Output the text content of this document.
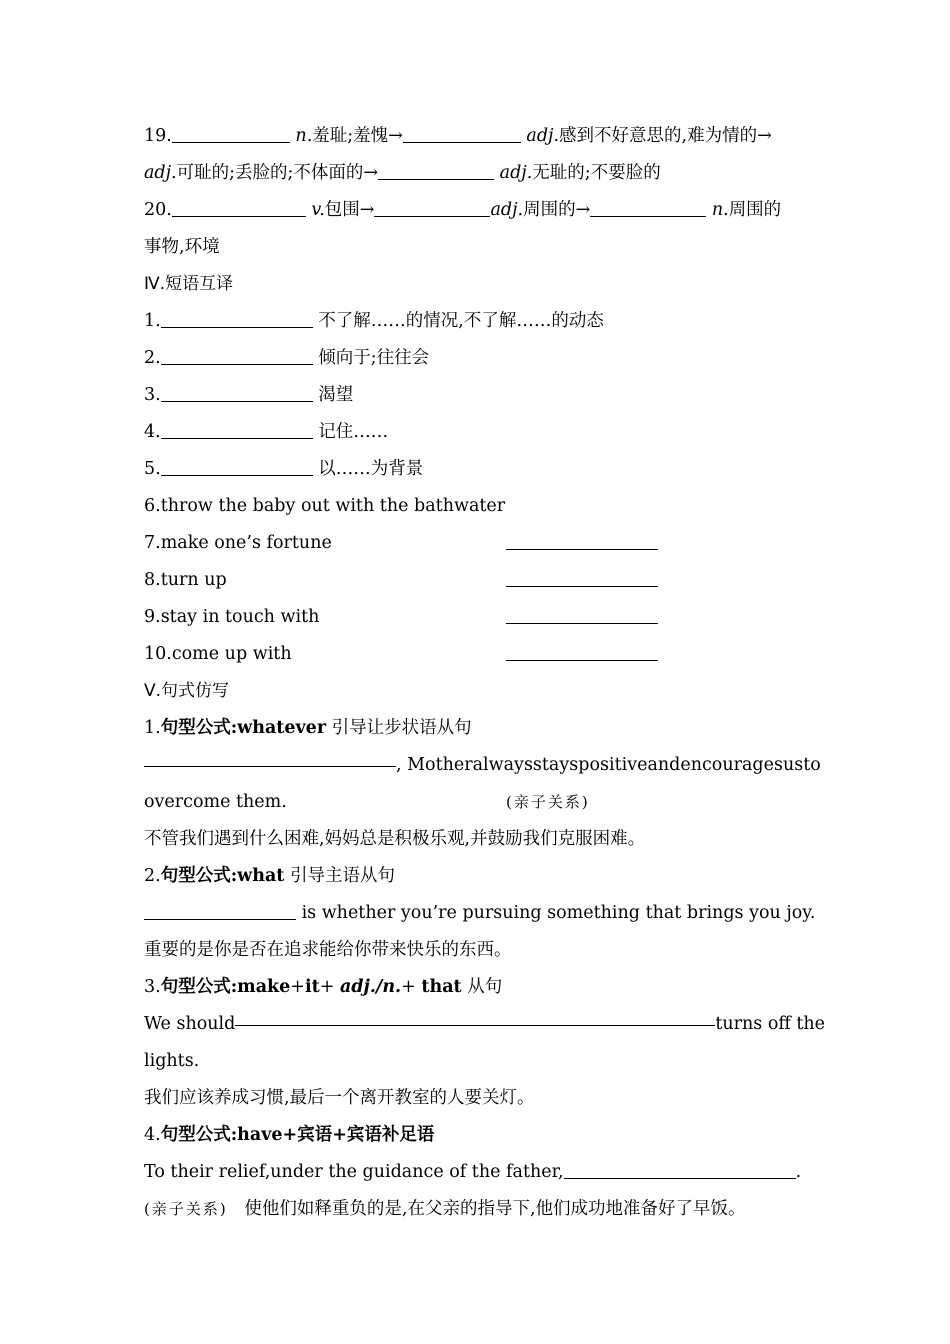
19.	n.羞耻;羞愧→	adj.感到不好意思的,难为情的→
adj.可耻的;丢脸的;不体面的→	adj.无耻的;不要脸的
20.	v.包围→	adj.周围的→	n.周围的
事物,环境
Ⅳ.短语互译
1.	不了解……的情况,不了解……的动态
2.	倾向于;往往会
3.	渴望
4.	记住……
5.	以……为背景
6.throw the baby out with the bathwater
7.make one’s fortune
8.turn up
9.stay in touch with
10.come up with
Ⅴ.句式仿写
1.句型公式:whatever 引导让步状语从句
, Mother always stays positive and encourages us to
overcome them.	(亲子关系)
不管我们遇到什么困难,妈妈总是积极乐观,并鼓励我们克服困难。
2.句型公式:what 引导主语从句
is whether you’re pursuing something that brings you joy.
重要的是你是否在追求能给你带来快乐的东西。
3.句型公式:make+it+ adj./n.+ that 从句
We should	turns off the
lights.
我们应该养成习惯,最后一个离开教室的人要关灯。
4.句型公式:have+宾语+宾语补足语
To their relief,under the guidance of the father,	.
(亲子关系) 使他们如释重负的是,在父亲的指导下,他们成功地准备好了早饭。
